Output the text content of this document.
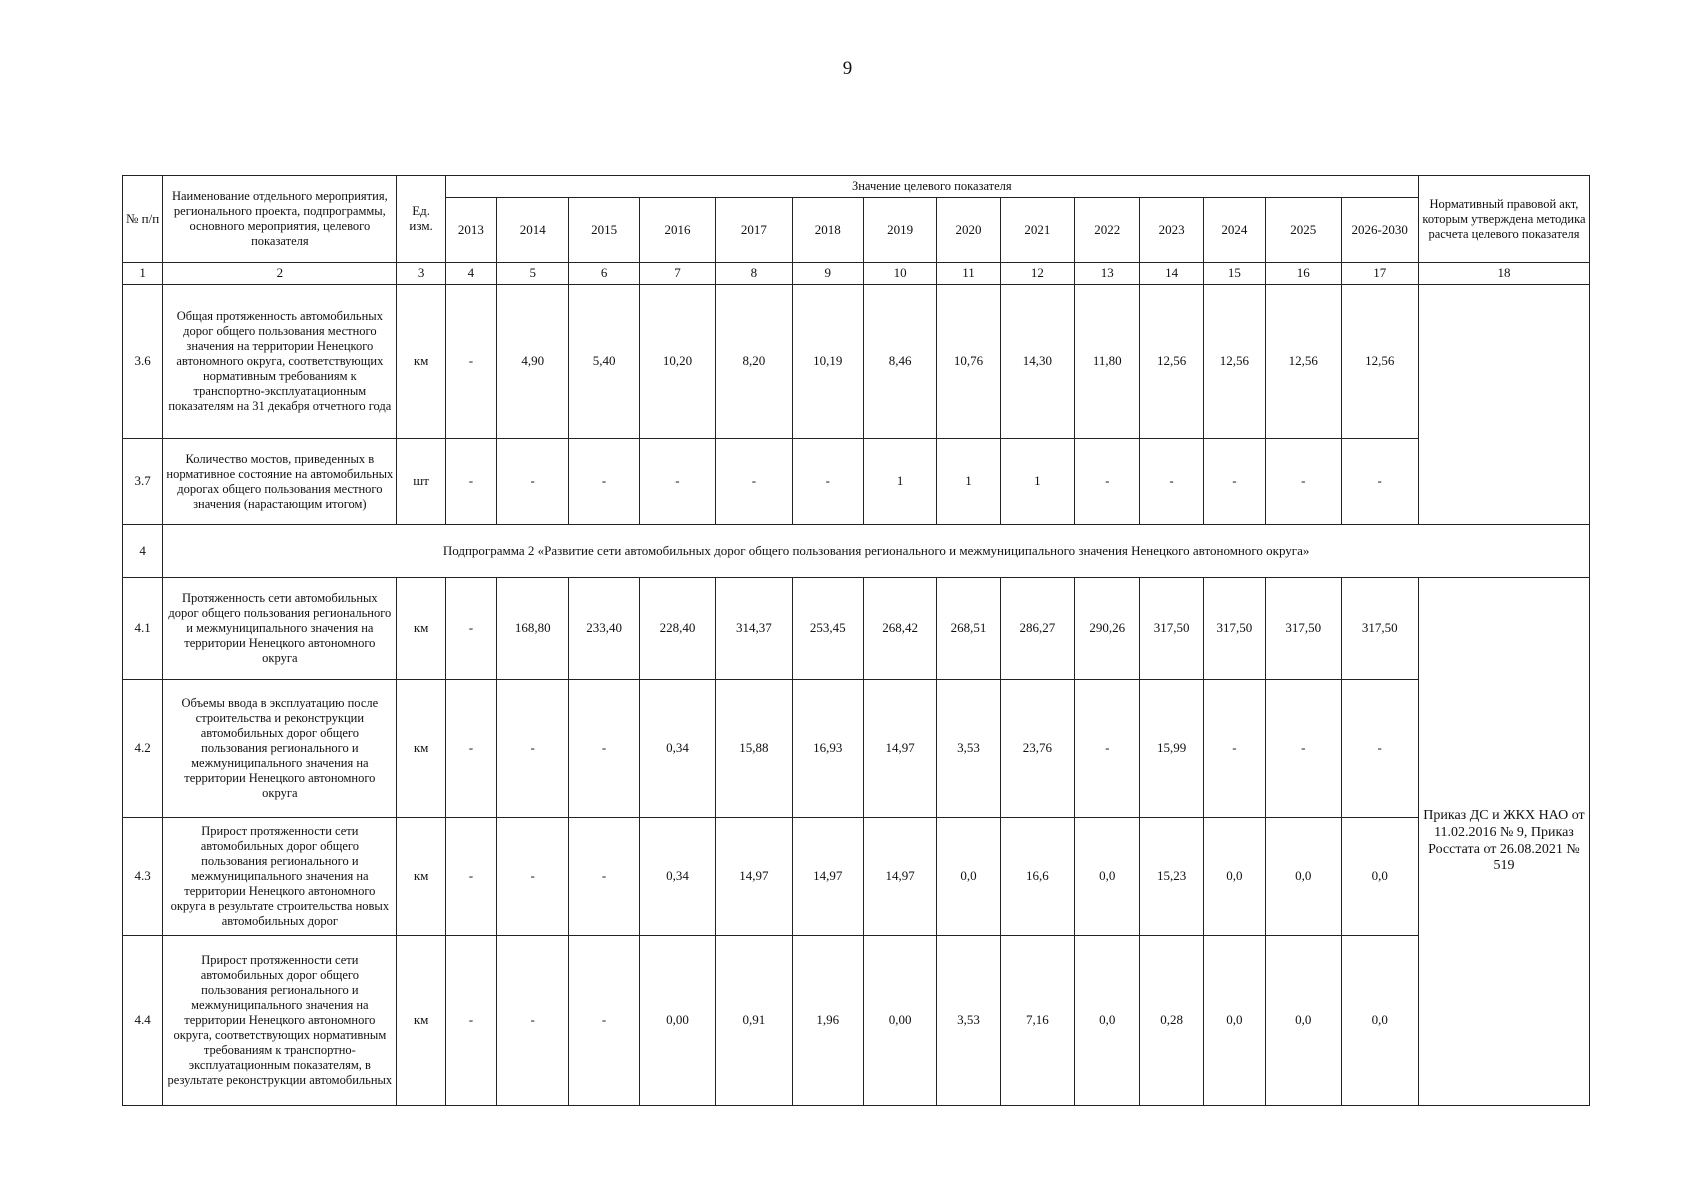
9
№ п/п	Наименование отдельного мероприятия, регионального проекта, подпрограммы, основного мероприятия, целевого показателя	Ед. изм.	Значение целевого показателя														Нормативный правовой акт, которым утверждена методика расчета целевого показателя
			2013	2014	2015	2016	2017	2018	2019	2020	2021	2022	2023	2024	2025	2026-2030	
1	2	3	4	5	6	7	8	9	10	11	12	13	14	15	16	17	18
3.6	Общая протяженность автомобильных дорог общего пользования местного значения на территории Ненецкого автономного округа, соответствующих нормативным требованиям к транспортно-эксплуатационным показателям на 31 декабря отчетного года	км	-	4,90	5,40	10,20	8,20	10,19	8,46	10,76	14,30	11,80	12,56	12,56	12,56	12,56	
3.7	Количество мостов, приведенных в нормативное состояние на автомобильных дорогах общего пользования местного значения (нарастающим итогом)	шт	-	-	-	-	-	-	1	1	1	-	-	-	-	-	
4	Подпрограмма 2 «Развитие сети автомобильных дорог общего пользования регионального и межмуниципального значения Ненецкого автономного округа»																
4.1	Протяженность сети автомобильных дорог общего пользования регионального и межмуниципального значения на территории Ненецкого автономного округа	км	-	168,80	233,40	228,40	314,37	253,45	268,42	268,51	286,27	290,26	317,50	317,50	317,50	317,50	Приказ ДС и ЖКХ НАО от 11.02.2016 № 9, Приказ Росстата от 26.08.2021 № 519
4.2	Объемы ввода в эксплуатацию после строительства и реконструкции автомобильных дорог общего пользования регионального и межмуниципального значения на территории Ненецкого автономного округа	км	-	-	-	0,34	15,88	16,93	14,97	3,53	23,76	-	15,99	-	-	-	
4.3	Прирост протяженности сети автомобильных дорог общего пользования регионального и межмуниципального значения на территории Ненецкого автономного округа в результате строительства новых автомобильных дорог	км	-	-	-	0,34	14,97	14,97	14,97	0,0	16,6	0,0	15,23	0,0	0,0	0,0	
4.4	Прирост протяженности сети автомобильных дорог общего пользования регионального и межмуниципального значения на территории Ненецкого автономного округа, соответствующих нормативным требованиям к транспортно-эксплуатационным показателям, в результате реконструкции автомобильных	км	-	-	-	0,00	0,91	1,96	0,00	3,53	7,16	0,0	0,28	0,0	0,0	0,0	
